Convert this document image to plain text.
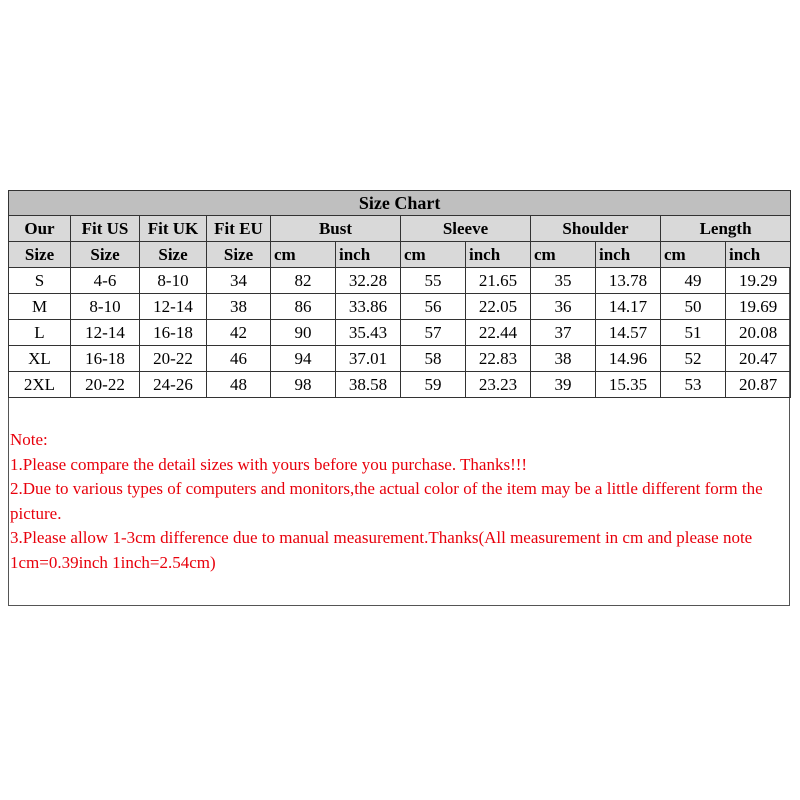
Size Chart											
Our	Fit US	Fit UK	Fit EU	Bust		Sleeve		Shoulder		Length	
Size	Size	Size	Size	cm	inch	cm	inch	cm	inch	cm	inch
S	4-6	8-10	34	82	32.28	55	21.65	35	13.78	49	19.29
M	8-10	12-14	38	86	33.86	56	22.05	36	14.17	50	19.69
L	12-14	16-18	42	90	35.43	57	22.44	37	14.57	51	20.08
XL	16-18	20-22	46	94	37.01	58	22.83	38	14.96	52	20.47
2XL	20-22	24-26	48	98	38.58	59	23.23	39	15.35	53	20.87

Note:

1.Please compare the detail sizes with yours before you purchase. Thanks!!!

2.Due to various types of computers and monitors,the actual color of the item may be a little different form the picture.

3.Please allow 1-3cm difference due to manual measurement.Thanks(All measurement in cm and please note 1cm=0.39inch 1inch=2.54cm)
